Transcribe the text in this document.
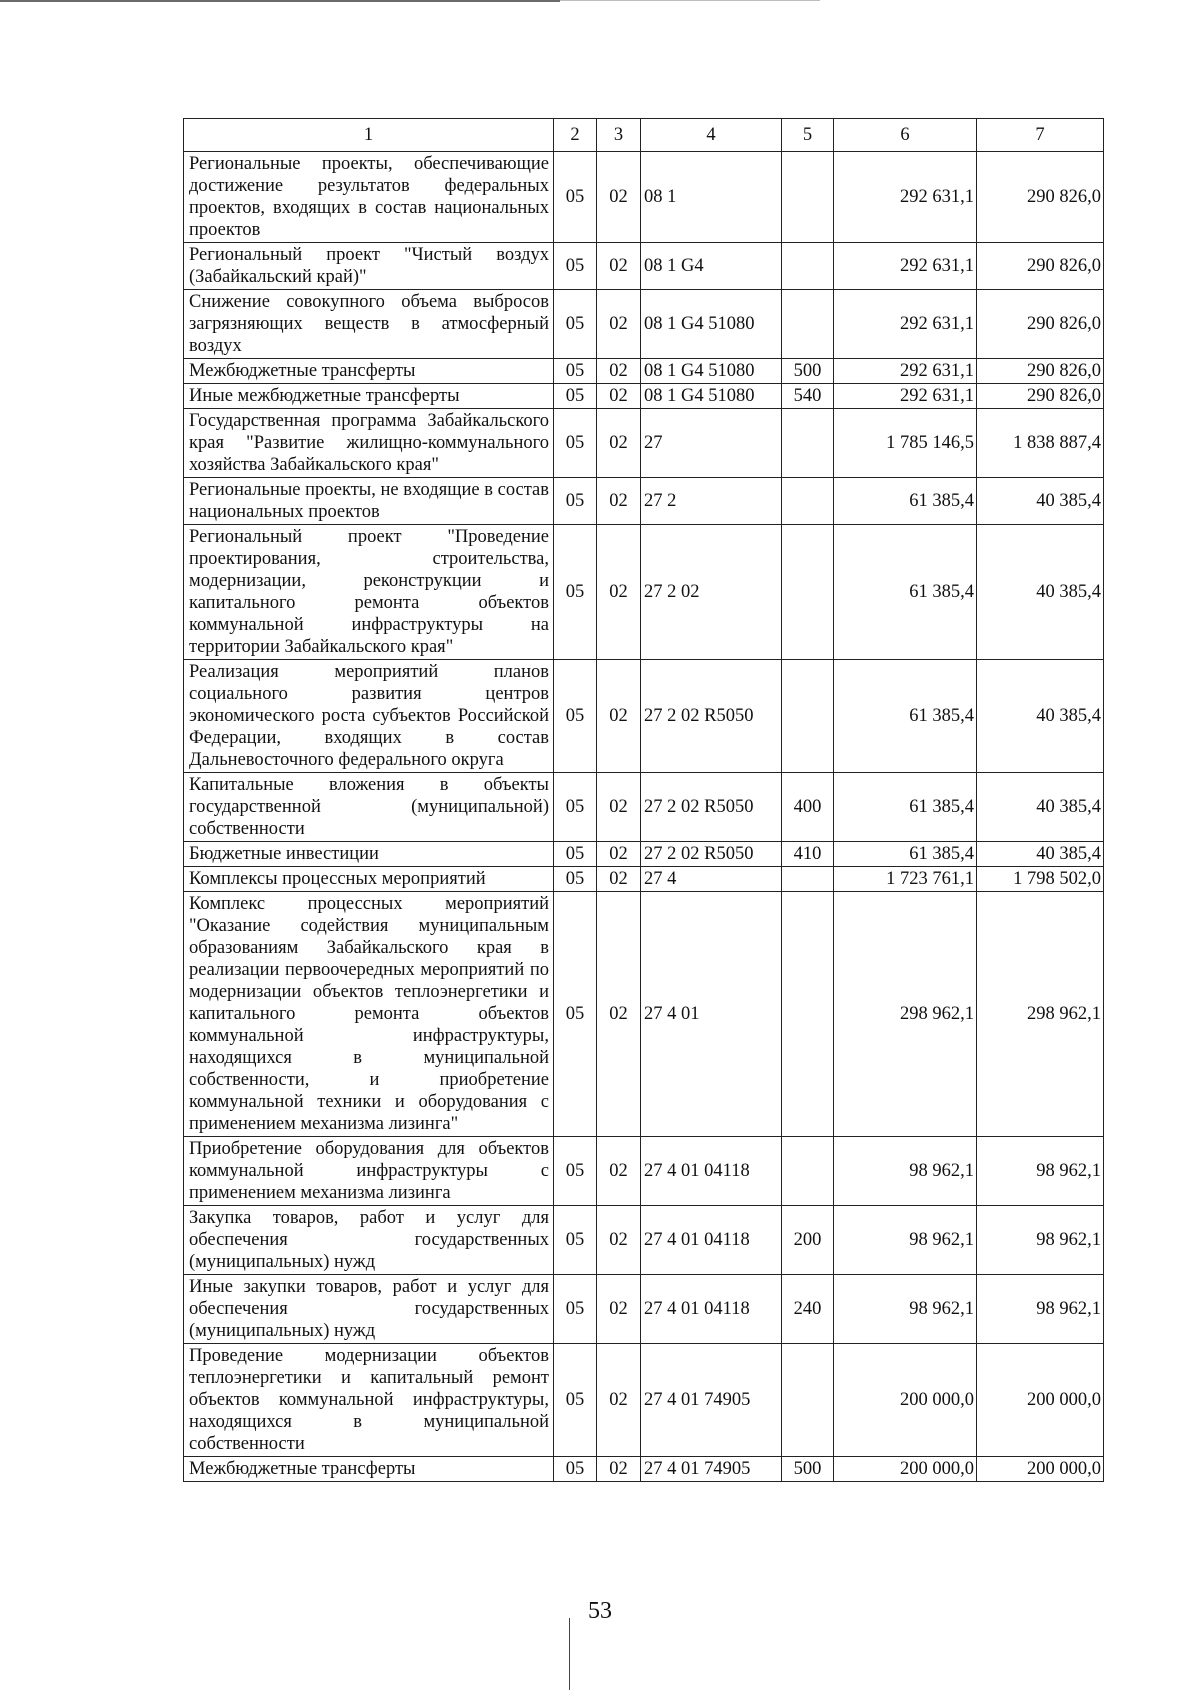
1	2	3	4	5	6	7
Региональные проекты, обеспечивающие достижение результатов федеральных проектов, входящих в состав национальных проектов	05	02	08 1		292 631,1	290 826,0
Региональный проект "Чистый воздух (Забайкальский край)"	05	02	08 1 G4		292 631,1	290 826,0
Снижение совокупного объема выбросов загрязняющих веществ в атмосферный воздух	05	02	08 1 G4 51080		292 631,1	290 826,0
Межбюджетные трансферты	05	02	08 1 G4 51080	500	292 631,1	290 826,0
Иные межбюджетные трансферты	05	02	08 1 G4 51080	540	292 631,1	290 826,0
Государственная программа Забайкальского края "Развитие жилищно-коммунального хозяйства Забайкальского края"	05	02	27		1 785 146,5	1 838 887,4
Региональные проекты, не входящие в состав национальных проектов	05	02	27 2		61 385,4	40 385,4
Региональный проект "Проведение проектирования, строительства, модернизации, реконструкции и капитального ремонта объектов коммунальной инфраструктуры на территории Забайкальского края"	05	02	27 2 02		61 385,4	40 385,4
Реализация мероприятий планов социального развития центров экономического роста субъектов Российской Федерации, входящих в состав Дальневосточного федерального округа	05	02	27 2 02 R5050		61 385,4	40 385,4
Капитальные вложения в объекты государственной (муниципальной) собственности	05	02	27 2 02 R5050	400	61 385,4	40 385,4
Бюджетные инвестиции	05	02	27 2 02 R5050	410	61 385,4	40 385,4
Комплексы процессных мероприятий	05	02	27 4		1 723 761,1	1 798 502,0
Комплекс процессных мероприятий "Оказание содействия муниципальным образованиям Забайкальского края в реализации первоочередных мероприятий по модернизации объектов теплоэнергетики и капитального ремонта объектов коммунальной инфраструктуры, находящихся в муниципальной собственности, и приобретение коммунальной техники и оборудования с применением механизма лизинга"	05	02	27 4 01		298 962,1	298 962,1
Приобретение оборудования для объектов коммунальной инфраструктуры с применением механизма лизинга	05	02	27 4 01 04118		98 962,1	98 962,1
Закупка товаров, работ и услуг для обеспечения государственных (муниципальных) нужд	05	02	27 4 01 04118	200	98 962,1	98 962,1
Иные закупки товаров, работ и услуг для обеспечения государственных (муниципальных) нужд	05	02	27 4 01 04118	240	98 962,1	98 962,1
Проведение модернизации объектов теплоэнергетики и капитальный ремонт объектов коммунальной инфраструктуры, находящихся в муниципальной собственности	05	02	27 4 01 74905		200 000,0	200 000,0
Межбюджетные трансферты	05	02	27 4 01 74905	500	200 000,0	200 000,0
53
